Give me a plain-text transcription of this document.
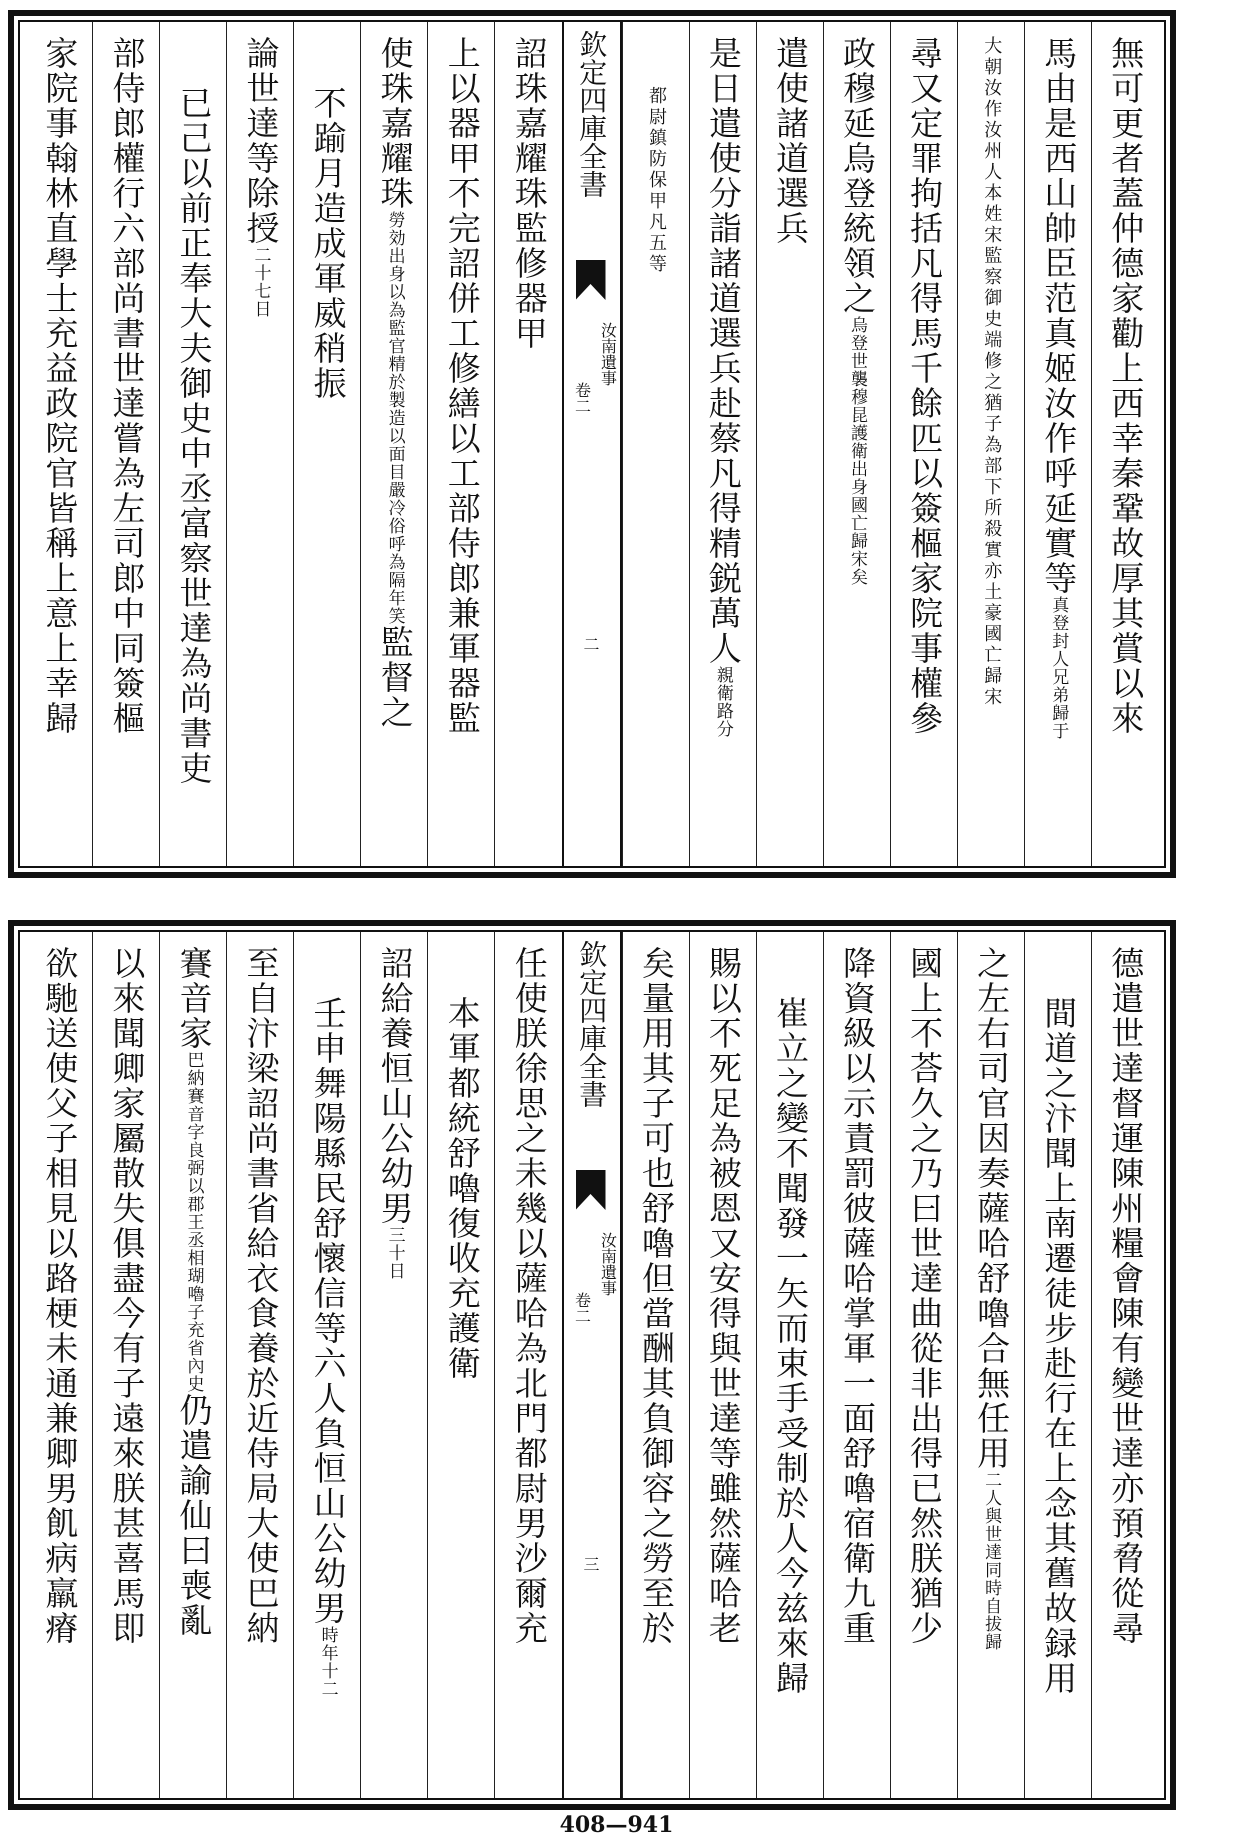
無可更者蓋仲德家勸上西幸秦鞏故厚其賞以來
馬由是西山帥臣范真姬汝作呼延實等真登封人兄弟歸于
大朝汝作汝州人本姓宋監察御史端修之猶子為部下所殺實亦土豪國亡歸宋
尋又定罪拘括凡得馬千餘匹以簽樞家院事權參
政穆延烏登統領之烏登世襲穆昆護衛出身國亡歸宋矣
遣使諸道選兵
是日遣使分詣諸道選兵赴蔡凡得精鋭萬人親衛路分
都尉鎮防保甲凡五等
欽定四庫全書
汝南遺事
卷二
二
詔珠嘉耀珠監修器甲
上以器甲不完詔併工修繕以工部侍郎兼軍器監
使珠嘉耀珠勞効出身以為監官精於製造以面目嚴冷俗呼為隔年笑監督之
不踰月造成軍威稍振
論世達等除授二十七日
已己以前正奉大夫御史中丞富察世達為尚書吏
部侍郎權行六部尚書世達嘗為左司郎中同簽樞
家院事翰林直學士充益政院官皆稱上意上幸歸
德遣世達督運陳州糧會陳有變世達亦預脅從尋
間道之汴聞上南遷徒步赴行在上念其舊故録用
之左右司官因奏薩哈舒嚕合無任用二人與世達同時自拔歸
國上不荅久之乃曰世達曲從非出得已然朕猶少
降資級以示責罰彼薩哈掌軍一面舒嚕宿衛九重
崔立之變不聞發一矢而束手受制於人今兹來歸
賜以不死足為被恩又安得與世達等雖然薩哈老
矣量用其子可也舒嚕但當酬其負御容之勞至於
欽定四庫全書
汝南遺事
卷二
三
任使朕徐思之未幾以薩哈為北門都尉男沙爾充
本軍都統舒嚕復收充護衛
詔給養恒山公幼男三十日
壬申舞陽縣民舒懷信等六人負恒山公幼男時年十二
至自汴梁詔尚書省給衣食養於近侍局大使巴納
賽音家巴納賽音字良弼以郡王丞相瑚嚕子充省內史仍遣諭仙曰喪亂
以來聞卿家屬散失俱盡今有子遠來朕甚喜馬即
欲馳送使父子相見以路梗未通兼卿男飢病羸瘠
408—941
